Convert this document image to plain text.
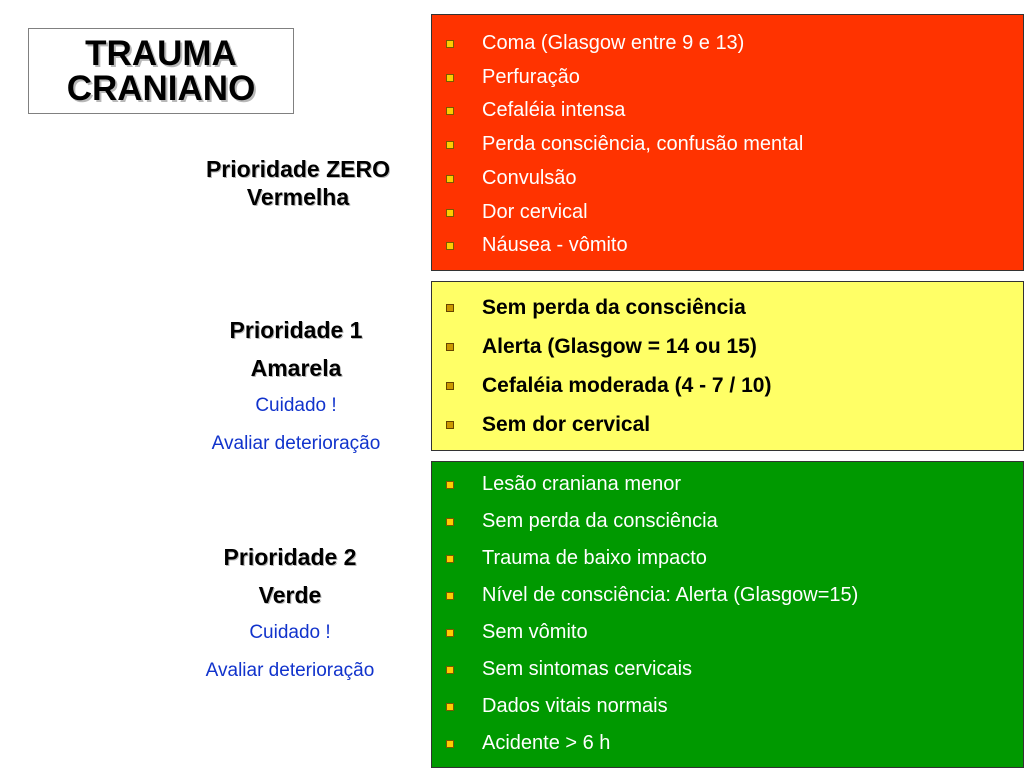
TRAUMA
CRANIANO
Prioridade ZERO
Vermelha
Prioridade 1
Amarela
Cuidado !
Avaliar deterioração
Prioridade 2
Verde
Cuidado !
Avaliar deterioração
Coma (Glasgow entre 9 e 13)
Perfuração
Cefaléia intensa
Perda consciência, confusão mental
Convulsão
Dor cervical
Náusea - vômito
Sem perda da consciência
Alerta (Glasgow = 14 ou 15)
Cefaléia moderada (4 - 7 / 10)
Sem dor cervical
Lesão craniana menor
Sem perda da consciência
Trauma de baixo impacto
Nível de consciência: Alerta (Glasgow=15)
Sem vômito
Sem sintomas cervicais
Dados vitais normais
Acidente > 6 h
